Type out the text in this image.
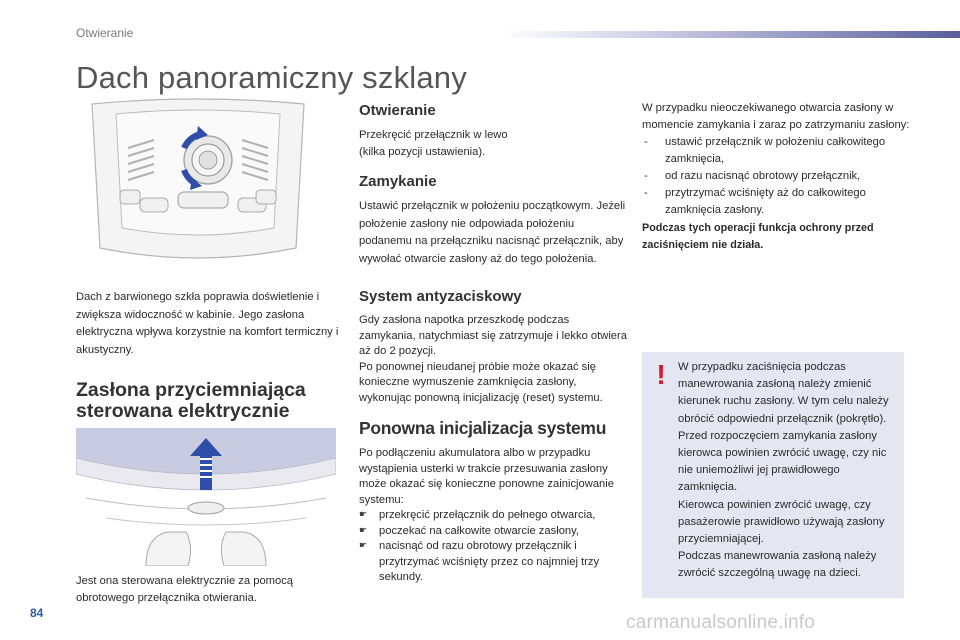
Otwieranie
Dach panoramiczny szklany

Dach z barwionego szkła poprawia doświetlenie i zwiększa widoczność w kabinie. Jego zasłona elektryczna wpływa korzystnie na komfort termiczny i akustyczny.

Zasłona przyciemniająca
sterowana elektrycznie

Jest ona sterowana elektrycznie za pomocą obrotowego przełącznika otwierania.

Otwieranie

Przekręcić przełącznik w lewo
(kilka pozycji ustawienia).

Zamykanie

Ustawić przełącznik w położeniu początkowym. Jeżeli położenie zasłony nie odpowiada położeniu podanemu na przełączniku nacisnąć przełącznik, aby wywołać otwarcie zasłony aż do tego położenia.

System antyzaciskowy

Gdy zasłona napotka przeszkodę podczas zamykania, natychmiast się zatrzymuje i lekko otwiera aż do 2 pozycji.

Po ponownej nieudanej próbie może okazać się konieczne wymuszenie zamknięcia zasłony, wykonując ponowną inicjalizację (reset) systemu.

Ponowna inicjalizacja systemu

Po podłączeniu akumulatora albo w przypadku wystąpienia usterki w trakcie przesuwania zasłony może okazać się konieczne ponowne zainicjowanie systemu:

☛ przekręcić przełącznik do pełnego otwarcia,
☛ poczekać na całkowite otwarcie zasłony,
☛ nacisnąć od razu obrotowy przełącznik i przytrzymać wciśnięty przez co najmniej trzy sekundy.

W przypadku nieoczekiwanego otwarcia zasłony w momencie zamykania i zaraz po zatrzymaniu zasłony:

- ustawić przełącznik w położeniu całkowitego zamknięcia,
- od razu nacisnąć obrotowy przełącznik,
- przytrzymać wciśnięty aż do całkowitego zamknięcia zasłony.

Podczas tych operacji funkcja ochrony przed zaciśnięciem nie działa.

!	W przypadku zaciśnięcia podczas manewrowania zasłoną należy zmienić kierunek ruchu zasłony. W tym celu należy obrócić odpowiedni przełącznik (pokrętło).

Przed rozpoczęciem zamykania zasłony kierowca powinien zwrócić uwagę, czy nic nie uniemożliwi jej prawidłowego zamknięcia.

Kierowca powinien zwrócić uwagę, czy pasażerowie prawidłowo używają zasłony przyciemniającej.

Podczas manewrowania zasłoną należy zwrócić szczególną uwagę na dzieci.

84	carmanualsonline.info
